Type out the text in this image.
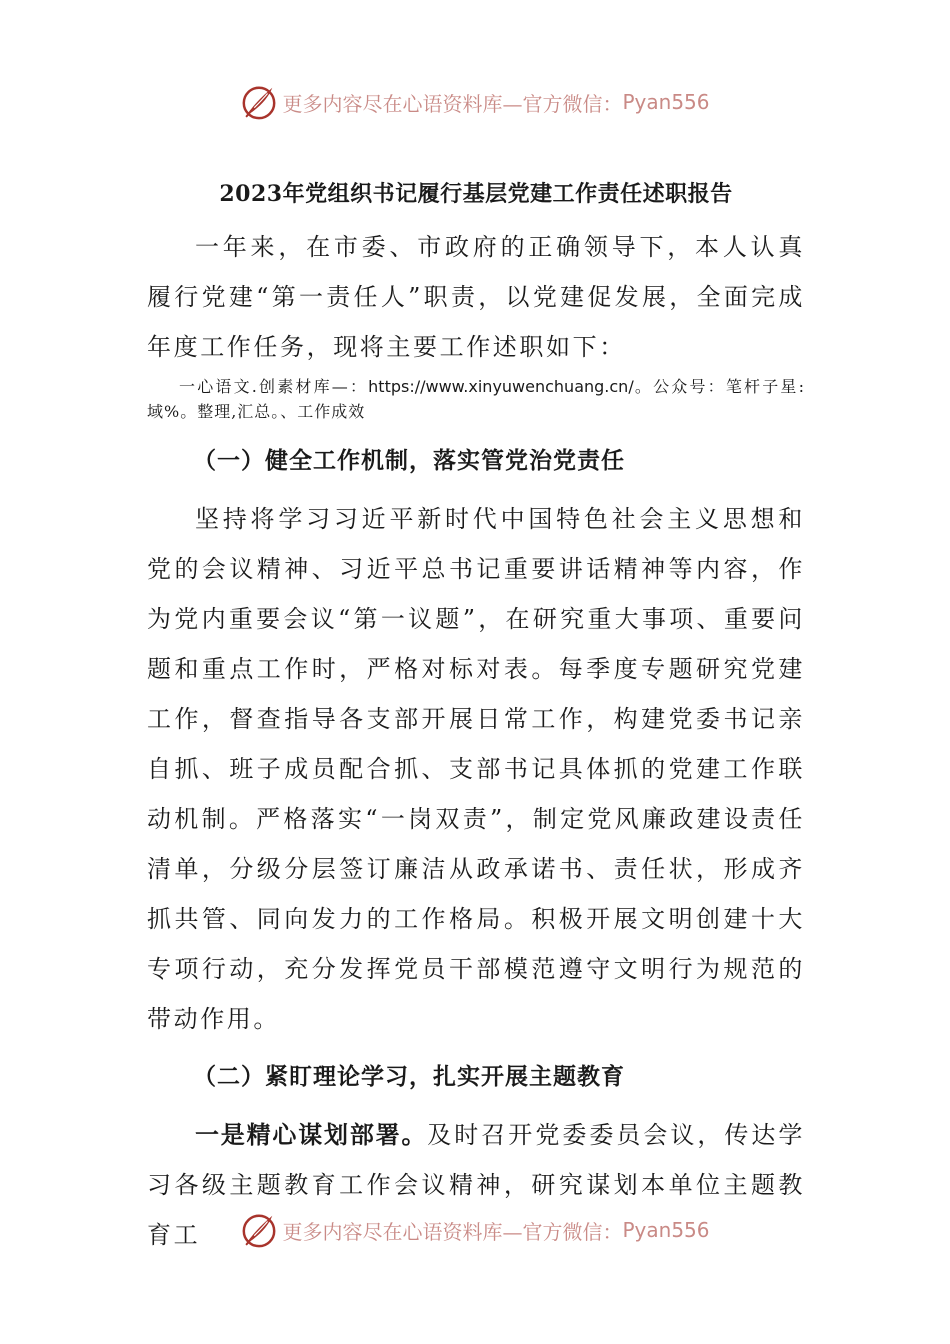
更多内容尽在心语资料库—官方微信： Pyan556
2023年党组织书记履行基层党建工作责任述职报告

一年来，在市委、市政府的正确领导下，本人认真履行党建“第一责任人”职责，以党建促发展，全面完成年度工作任务，现将主要工作述职如下：

一心语文.创素材库—：https://www.xinyuwenchuang.cn/。公众号：笔杆子星:域%。整理,汇总。、工作成效

（一）健全工作机制，落实管党治党责任

坚持将学习习近平新时代中国特色社会主义思想和党的会议精神、习近平总书记重要讲话精神等内容，作为党内重要会议“第一议题”，在研究重大事项、重要问题和重点工作时，严格对标对表。每季度专题研究党建工作，督查指导各支部开展日常工作，构建党委书记亲自抓、班子成员配合抓、支部书记具体抓的党建工作联动机制。严格落实“一岗双责”，制定党风廉政建设责任清单，分级分层签订廉洁从政承诺书、责任状，形成齐抓共管、同向发力的工作格局。积极开展文明创建十大专项行动，充分发挥党员干部模范遵守文明行为规范的带动作用。

（二）紧盯理论学习，扎实开展主题教育

一是精心谋划部署。及时召开党委委员会议，传达学习各级主题教育工作会议精神，研究谋划本单位主题教育工	更多内容尽在心语资料库—官方微信： Pyan556
